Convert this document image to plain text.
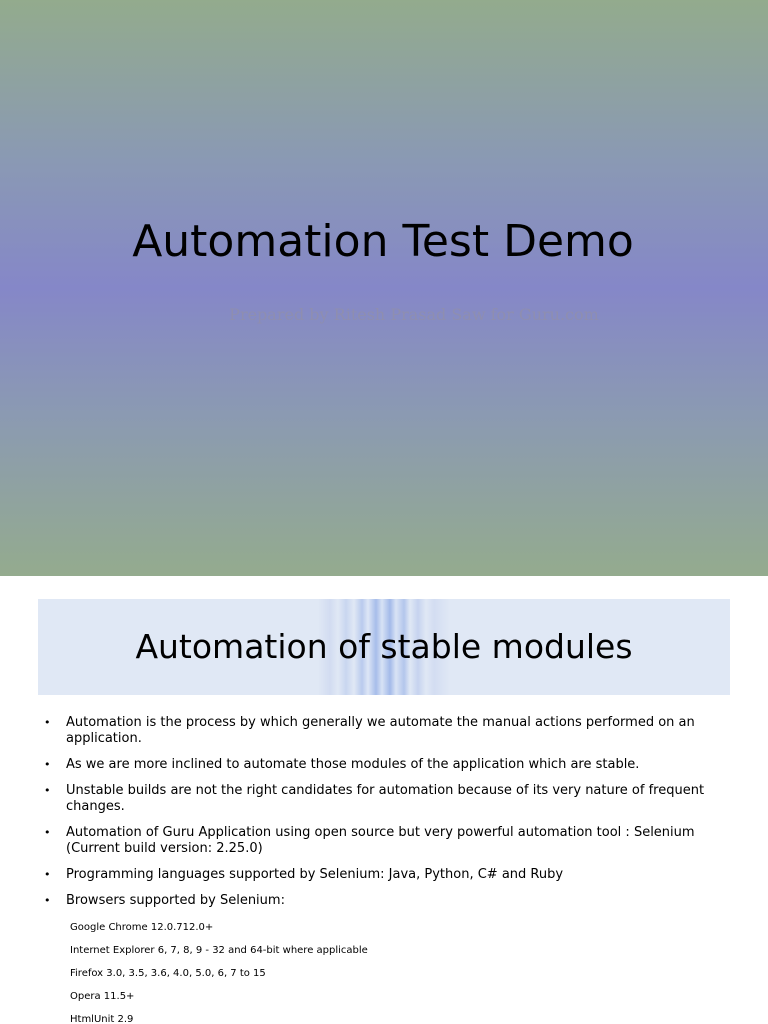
Automation Test Demo
Prepared by Ritesh Prasad Saw for Guru.com
Automation of stable modules
• Automation is the process by which generally we automate the manual actions performed on an application.
• As we are more inclined to automate those modules of the application which are stable.
• Unstable builds are not the right candidates for automation because of its very nature of frequent changes.
• Automation of Guru Application using open source but very powerful automation tool : Selenium (Current build version: 2.25.0)
• Programming languages supported by Selenium: Java, Python, C# and Ruby
• Browsers supported by Selenium:
Google Chrome 12.0.712.0+
Internet Explorer 6, 7, 8, 9 - 32 and 64-bit where applicable
Firefox 3.0, 3.5, 3.6, 4.0, 5.0, 6, 7 to 15
Opera 11.5+
HtmlUnit 2.9
